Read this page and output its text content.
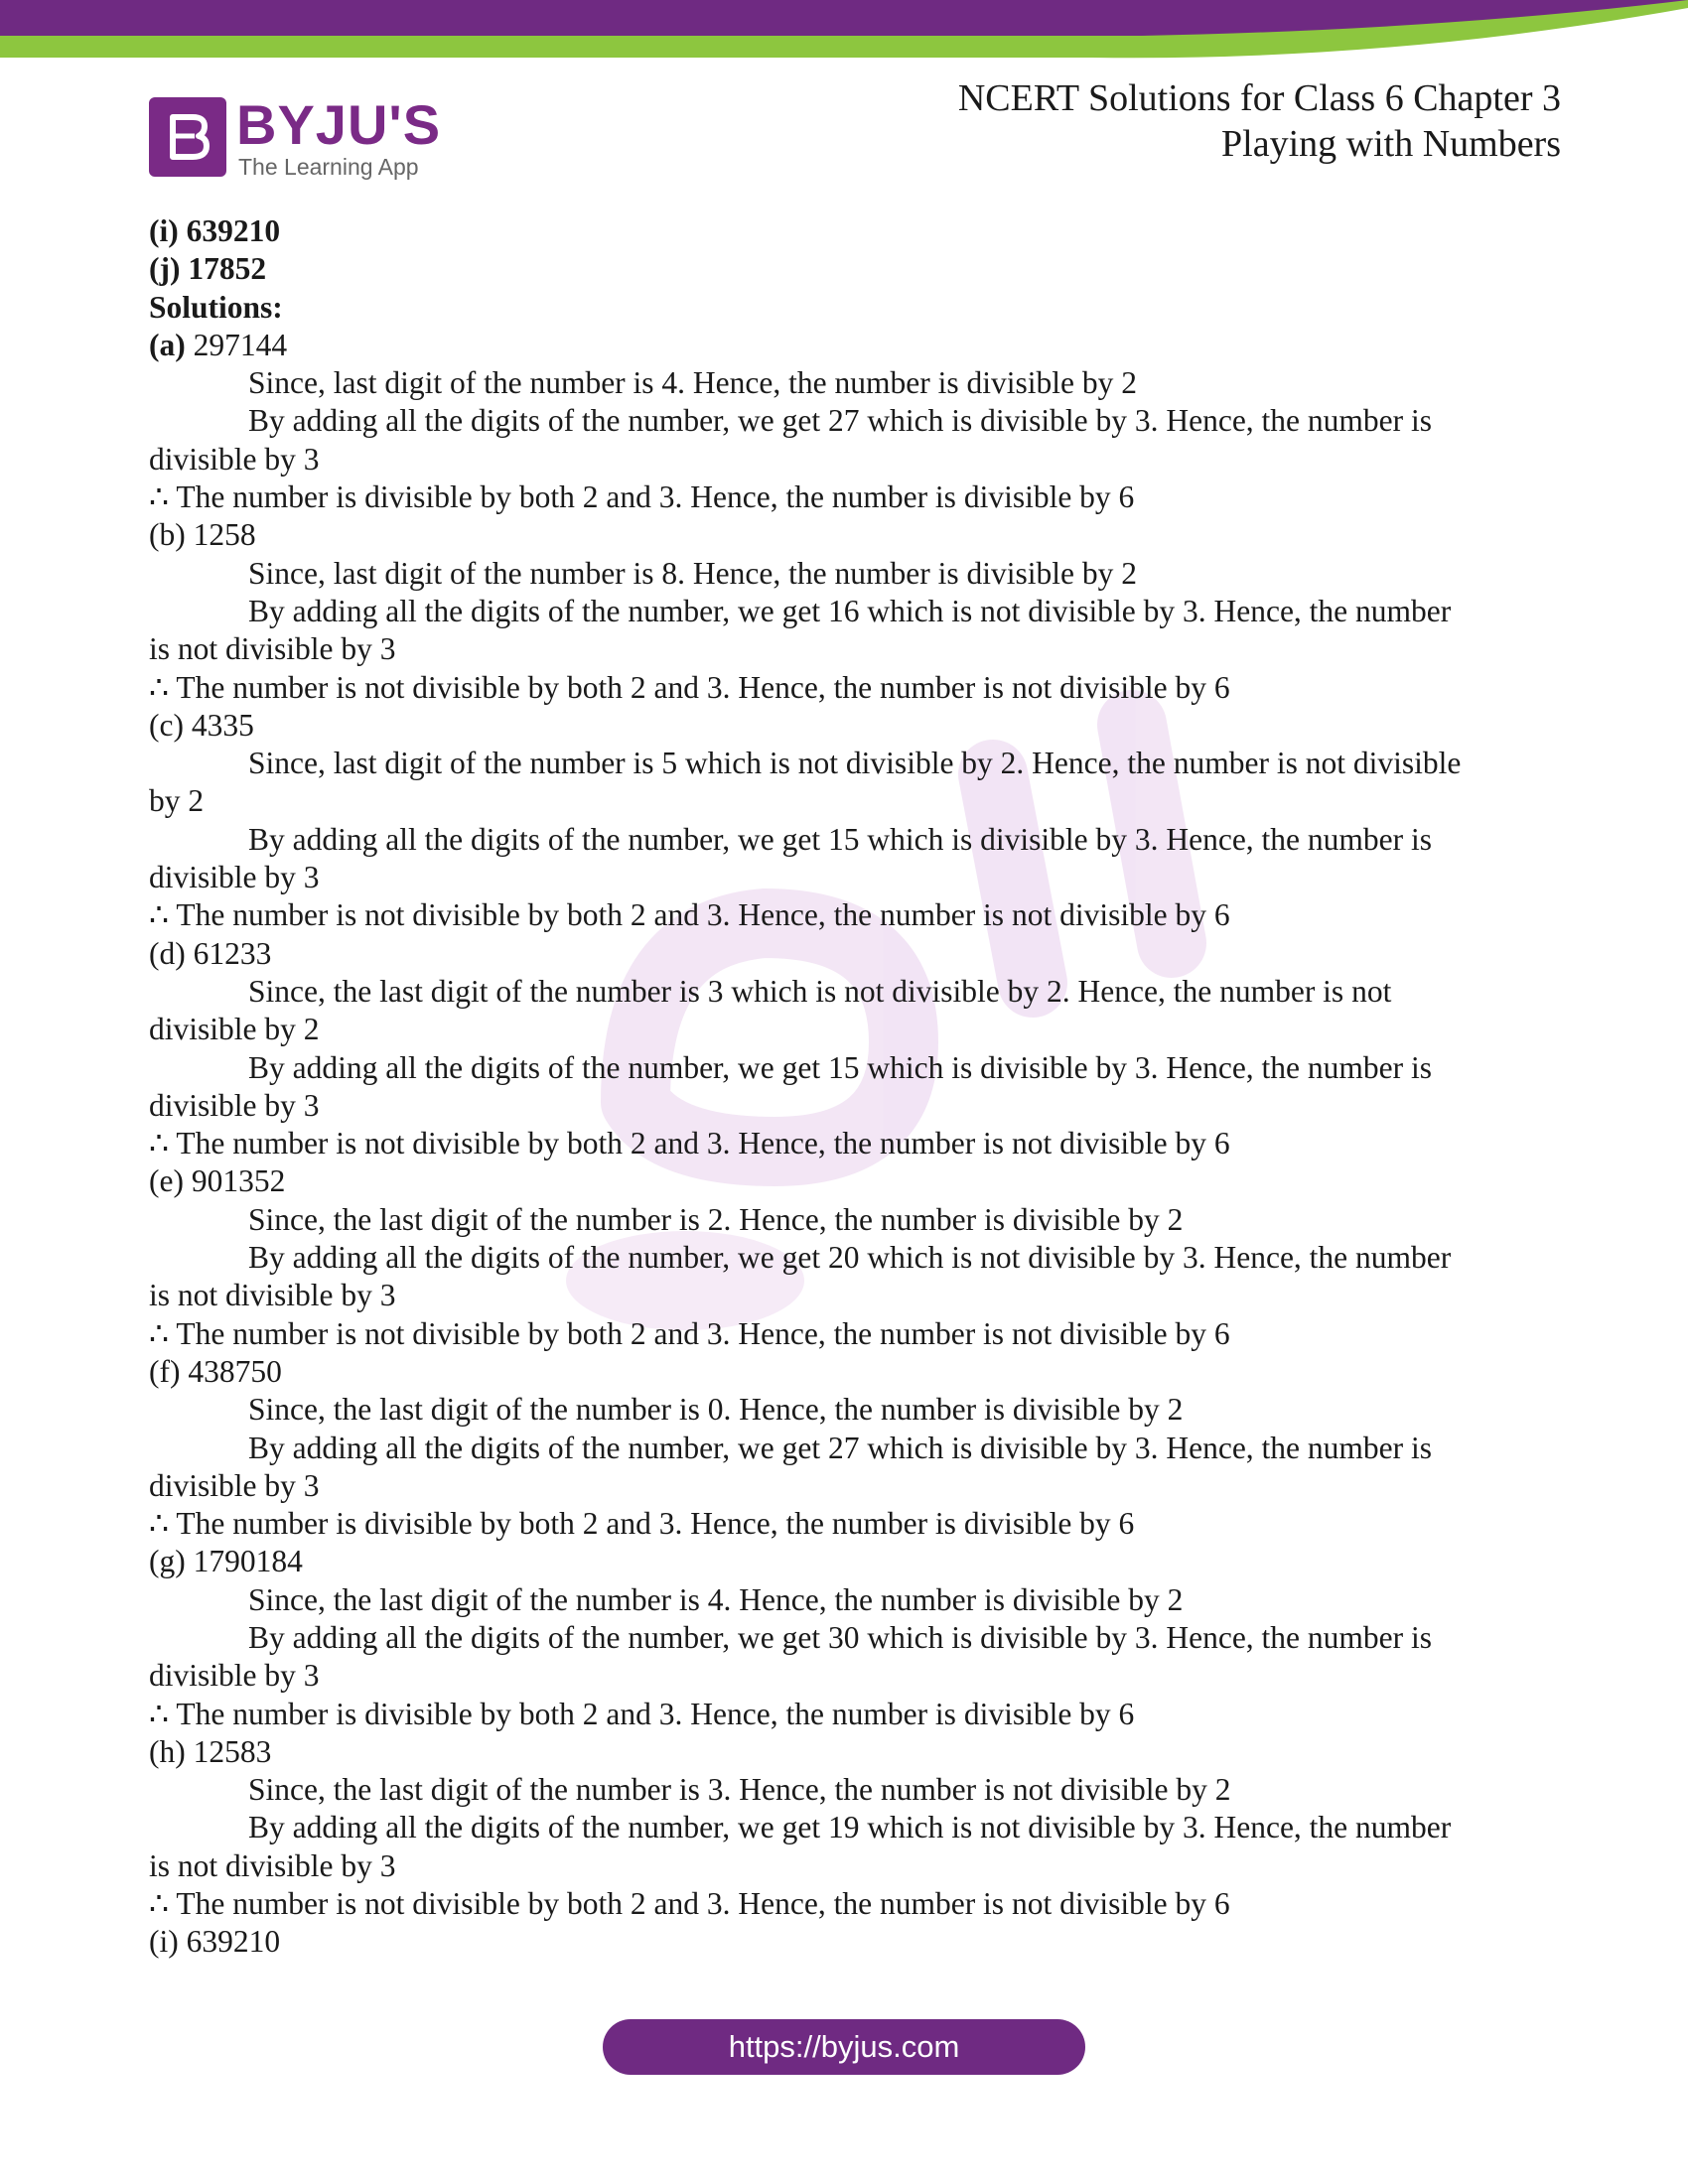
BYJU'S
The Learning App
NCERT Solutions for Class 6 Chapter 3
Playing with Numbers

(i) 639210

(j) 17852

Solutions:

(a) 297144

Since, last digit of the number is 4. Hence, the number is divisible by 2

By adding all the digits of the number, we get 27 which is divisible by 3. Hence, the number is

divisible by 3

∴ The number is divisible by both 2 and 3. Hence, the number is divisible by 6

(b) 1258

Since, last digit of the number is 8. Hence, the number is divisible by 2

By adding all the digits of the number, we get 16 which is not divisible by 3. Hence, the number

is not divisible by 3

∴ The number is not divisible by both 2 and 3. Hence, the number is not divisible by 6

(c) 4335

Since, last digit of the number is 5 which is not divisible by 2. Hence, the number is not divisible

by 2

By adding all the digits of the number, we get 15 which is divisible by 3. Hence, the number is

divisible by 3

∴ The number is not divisible by both 2 and 3. Hence, the number is not divisible by 6

(d) 61233

Since, the last digit of the number is 3 which is not divisible by 2. Hence, the number is not

divisible by 2

By adding all the digits of the number, we get 15 which is divisible by 3. Hence, the number is

divisible by 3

∴ The number is not divisible by both 2 and 3. Hence, the number is not divisible by 6

(e) 901352

Since, the last digit of the number is 2. Hence, the number is divisible by 2

By adding all the digits of the number, we get 20 which is not divisible by 3. Hence, the number

is not divisible by 3

∴ The number is not divisible by both 2 and 3. Hence, the number is not divisible by 6

(f) 438750

Since, the last digit of the number is 0. Hence, the number is divisible by 2

By adding all the digits of the number, we get 27 which is divisible by 3. Hence, the number is

divisible by 3

∴ The number is divisible by both 2 and 3. Hence, the number is divisible by 6

(g) 1790184

Since, the last digit of the number is 4. Hence, the number is divisible by 2

By adding all the digits of the number, we get 30 which is divisible by 3. Hence, the number is

divisible by 3

∴ The number is divisible by both 2 and 3. Hence, the number is divisible by 6

(h) 12583

Since, the last digit of the number is 3. Hence, the number is not divisible by 2

By adding all the digits of the number, we get 19 which is not divisible by 3. Hence, the number

is not divisible by 3

∴ The number is not divisible by both 2 and 3. Hence, the number is not divisible by 6

(i) 639210

https://byjus.com
